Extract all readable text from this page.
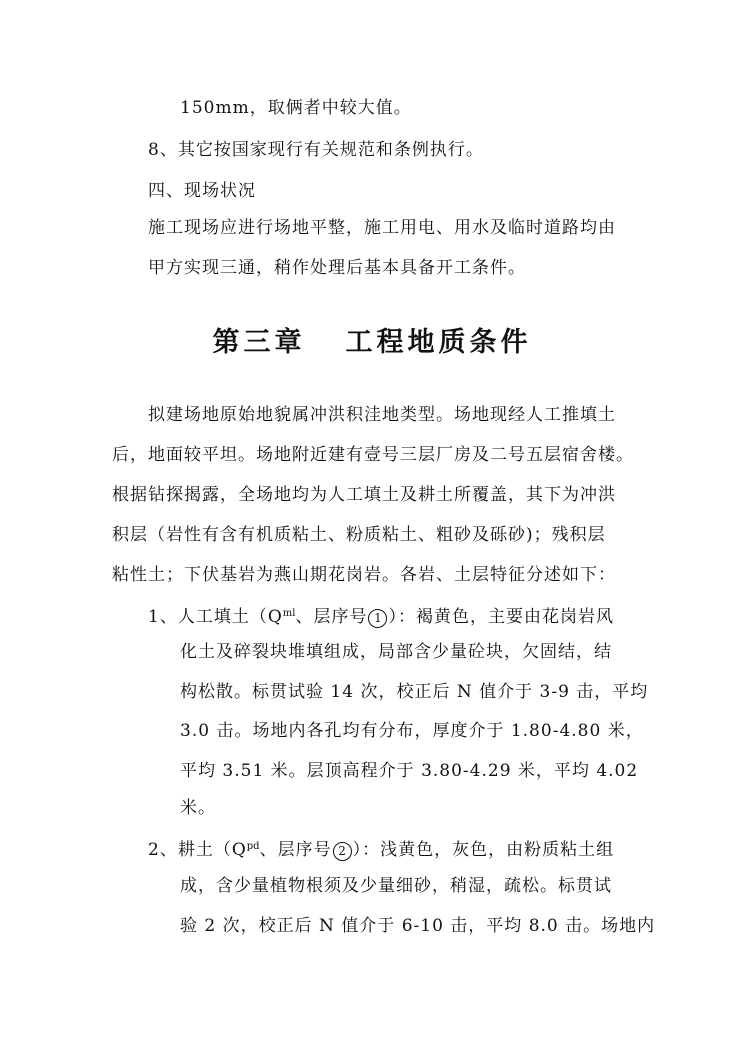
150mm，取俩者中较大值。
8、其它按国家现行有关规范和条例执行。
四、现场状况
施工现场应进行场地平整，施工用电、用水及临时道路均由
甲方实现三通，稍作处理后基本具备开工条件。
第三章 工程地质条件
拟建场地原始地貌属冲洪积洼地类型。场地现经人工推填土
后，地面较平坦。场地附近建有壹号三层厂房及二号五层宿舍楼。
根据钻探揭露，全场地均为人工填土及耕土所覆盖，其下为冲洪
积层（岩性有含有机质粘土、粉质粘土、粗砂及砾砂)；残积层
粘性土；下伏基岩为燕山期花岗岩。各岩、土层特征分述如下：
1、人工填土（$Q^{ml}$、层序号 1 ）：褐黄色，主要由花岗岩风
化土及碎裂块堆填组成，局部含少量砼块，欠固结，结
构松散。标贯试验 14 次，校正后 N 值介于 3-9 击，平均
3.0 击。场地内各孔均有分布，厚度介于 1.80-4.80 米，
平均 3.51 米。层顶高程介于 3.80-4.29 米，平均 4.02
米。
2、耕土（$Q^{pd}$、层序号 2 ）：浅黄色，灰色，由粉质粘土组
成，含少量植物根须及少量细砂，稍湿，疏松。标贯试
验 2 次，校正后 N 值介于 6-10 击，平均 8.0 击。场地内
